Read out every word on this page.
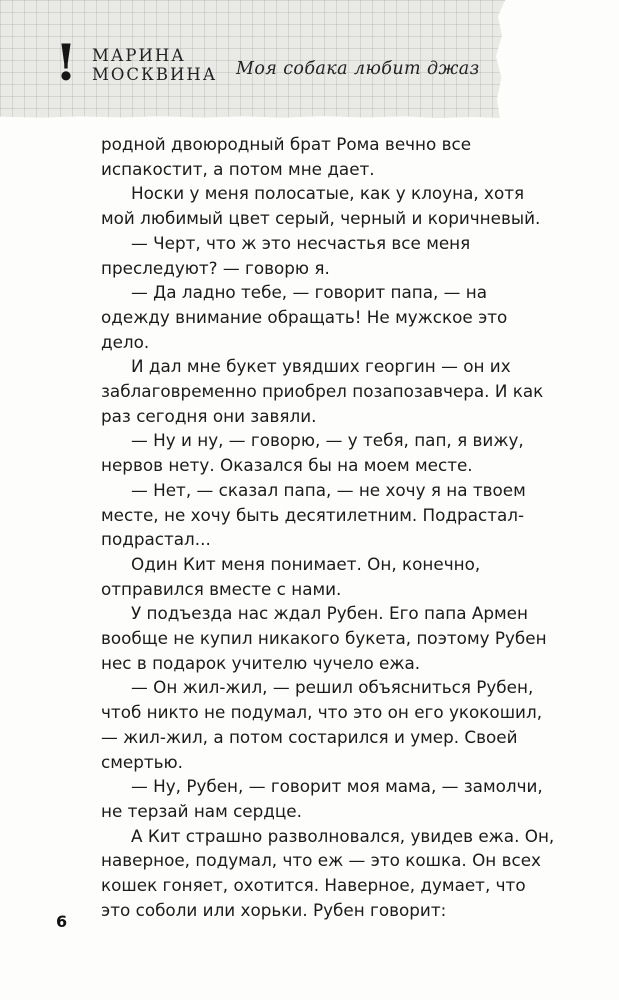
! МАРИНА
МОСКВИНА Моя собака любит джаз

родной двоюродный брат Рома вечно все испакостит, а потом мне дает.

Носки у меня полосатые, как у клоуна, хотя мой любимый цвет серый, черный и коричневый.

— Черт, что ж это несчастья все меня преследуют? — говорю я.

— Да ладно тебе, — говорит папа, — на одежду внимание обращать! Не мужское это дело.

И дал мне букет увядших георгин — он их заблаговременно приобрел позапозавчера. И как раз сегодня они завяли.

— Ну и ну, — говорю, — у тебя, пап, я вижу, нервов нету. Оказался бы на моем месте.

— Нет, — сказал папа, — не хочу я на твоем месте, не хочу быть десятилетним. Подрастал-подрастал...

Один Кит меня понимает. Он, конечно, отправился вместе с нами.

У подъезда нас ждал Рубен. Его папа Армен вообще не купил никакого букета, поэтому Рубен нес в подарок учителю чучело ежа.

— Он жил-жил, — решил объясниться Рубен, чтоб никто не подумал, что это он его укокошил, — жил-жил, а потом состарился и умер. Своей смертью.

— Ну, Рубен, — говорит моя мама, — замолчи, не терзай нам сердце.

А Кит страшно разволновался, увидев ежа. Он, наверное, подумал, что еж — это кошка. Он всех кошек гоняет, охотится. Наверное, думает, что это соболи или хорьки. Рубен говорит:

6
